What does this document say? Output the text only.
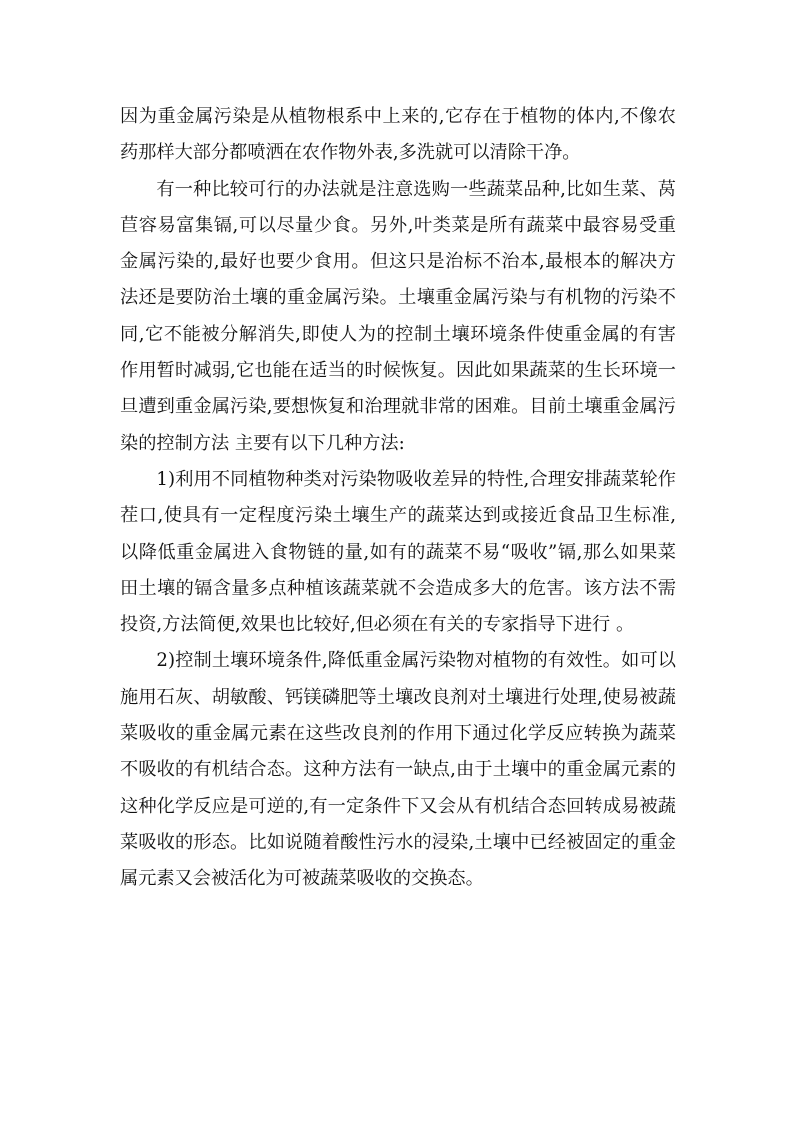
因为重金属污染是从植物根系中上来的,它存在于植物的体内,不像农药那样大部分都喷洒在农作物外表,多洗就可以清除干净。

有一种比较可行的办法就是注意选购一些蔬菜品种,比如生菜、莴苣容易富集镉,可以尽量少食。另外,叶类菜是所有蔬菜中最容易受重金属污染的,最好也要少食用。但这只是治标不治本,最根本的解决方法还是要防治土壤的重金属污染。土壤重金属污染与有机物的污染不同,它不能被分解消失,即使人为的控制土壤环境条件使重金属的有害作用暂时减弱,它也能在适当的时候恢复。因此如果蔬菜的生长环境一旦遭到重金属污染,要想恢复和治理就非常的困难。目前土壤重金属污染的控制方法 主要有以下几种方法:

1)利用不同植物种类对污染物吸收差异的特性,合理安排蔬菜轮作茬口,使具有一定程度污染土壤生产的蔬菜达到或接近食品卫生标准,以降低重金属进入食物链的量,如有的蔬菜不易“吸收”镉,那么如果菜田土壤的镉含量多点种植该蔬菜就不会造成多大的危害。该方法不需投资,方法简便,效果也比较好,但必须在有关的专家指导下进行 。

2)控制土壤环境条件,降低重金属污染物对植物的有效性。如可以施用石灰、胡敏酸、钙镁磷肥等土壤改良剂对土壤进行处理,使易被蔬菜吸收的重金属元素在这些改良剂的作用下通过化学反应转换为蔬菜不吸收的有机结合态。这种方法有一缺点,由于土壤中的重金属元素的这种化学反应是可逆的,有一定条件下又会从有机结合态回转成易被蔬菜吸收的形态。比如说随着酸性污水的浸染,土壤中已经被固定的重金属元素又会被活化为可被蔬菜吸收的交换态。
